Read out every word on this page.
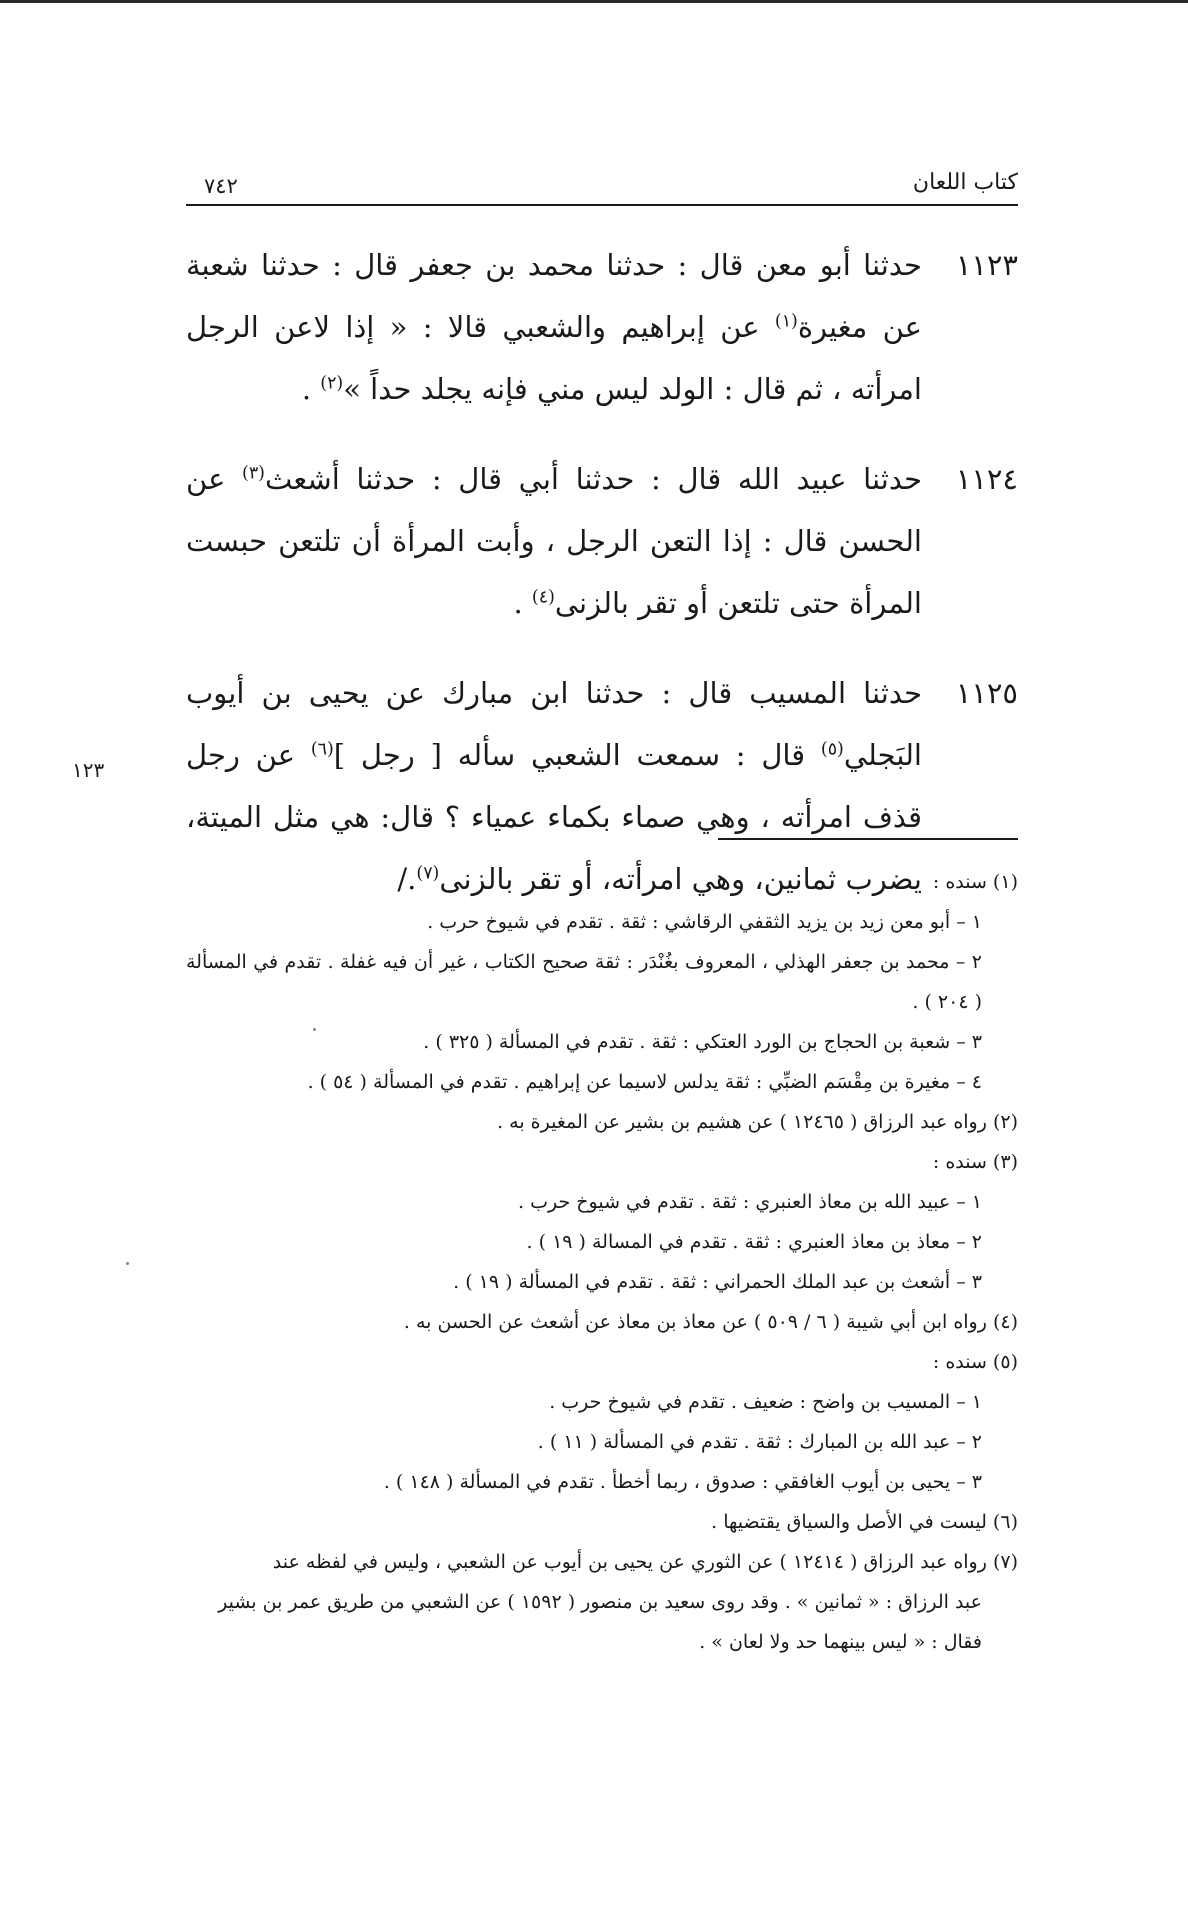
كتاب اللعان
٧٤٢
١١٢٣
حدثنا أبو معن قال : حدثنا محمد بن جعفر قال : حدثنا شعبة عن مغيرة$^{(١)}$ عن إبراهيم والشعبي قالا : « إذا لاعن الرجل امرأته ، ثم قال : الولد ليس مني فإنه يجلد حداً »$^{(٢)}$ .
١١٢٤
حدثنا عبيد الله قال : حدثنا أبي قال : حدثنا أشعث$^{(٣)}$ عن الحسن قال : إذا التعن الرجل ، وأبت المرأة أن تلتعن حبست المرأة حتى تلتعن أو تقر بالزنى$^{(٤)}$ .
١١٢٥
حدثنا المسيب قال : حدثنا ابن مبارك عن يحيى بن أيوب البَجلي$^{(٥)}$ قال : سمعت الشعبي سأله [ رجل ]$^{(٦)}$ عن رجل قذف امرأته ، وهي صماء بكماء عمياء ؟ قال: هي مثل الميتة، يضرب ثمانين، وهي امرأته، أو تقر بالزنى$^{(٧)}$./
١٢٣

(١) سنده :

١ – أبو معن زيد بن يزيد الثقفي الرقاشي : ثقة . تقدم في شيوخ حرب .

٢ – محمد بن جعفر الهذلي ، المعروف بغُنْدَر : ثقة صحيح الكتاب ، غير أن فيه غفلة . تقدم في المسألة ( ٢٠٤ ) .

٣ – شعبة بن الحجاج بن الورد العتكي : ثقة . تقدم في المسألة ( ٣٢٥ ) .

٤ – مغيرة بن مِقْسَم الضبِّي : ثقة يدلس لاسيما عن إبراهيم . تقدم في المسألة ( ٥٤ ) .

(٢) رواه عبد الرزاق ( ١٢٤٦٥ ) عن هشيم بن بشير عن المغيرة به .

(٣) سنده :

١ – عبيد الله بن معاذ العنبري : ثقة . تقدم في شيوخ حرب .

٢ – معاذ بن معاذ العنبري : ثقة . تقدم في المسالة ( ١٩ ) .

٣ – أشعث بن عبد الملك الحمراني : ثقة . تقدم في المسألة ( ١٩ ) .

(٤) رواه ابن أبي شيبة ( ٦ / ٥٠٩ ) عن معاذ بن معاذ عن أشعث عن الحسن به .

(٥) سنده :

١ – المسيب بن واضح : ضعيف . تقدم في شيوخ حرب .

٢ – عبد الله بن المبارك : ثقة . تقدم في المسألة ( ١١ ) .

٣ – يحيى بن أيوب الغافقي : صدوق ، ربما أخطأ . تقدم في المسألة ( ١٤٨ ) .

(٦) ليست في الأصل والسياق يقتضيها .

(٧) رواه عبد الرزاق ( ١٢٤١٤ ) عن الثوري عن يحيى بن أيوب عن الشعبي ، وليس في لفظه عند

عبد الرزاق : « ثمانين » . وقد روى سعيد بن منصور ( ١٥٩٢ ) عن الشعبي من طريق عمر بن بشير

فقال : « ليس بينهما حد ولا لعان » .
